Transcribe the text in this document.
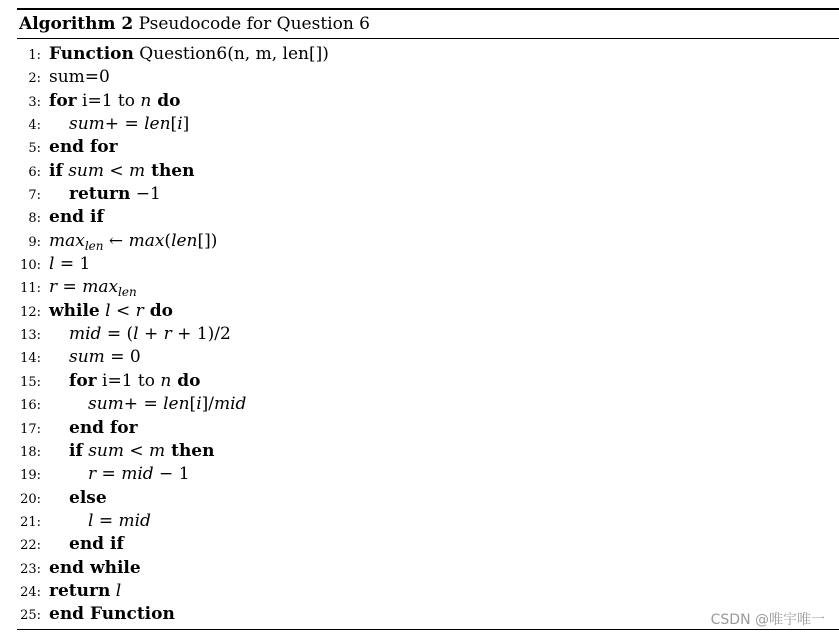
Algorithm 2 Pseudocode for Question 6
1: Function Question6(n, m, len[])
2: sum=0
3: for i=1 to n do
4: sum+ = len[i]
5: end for
6: if sum < m then
7: return −1
8: end if
9: $\max_{len}$ ← max(len[])
10: l = 1
11: $r = \max_{len}$
12: while l < r do
13: mid = (l + r + 1)/2
14: sum = 0
15: for i=1 to n do
16:	sum+ = len[i]/mid
17: end for
18: if sum < m then
19:	r = mid − 1
20: else
21:	l = mid
22: end if
23: end while
24: return l
25: end Function	CSDN @唯宇唯一
